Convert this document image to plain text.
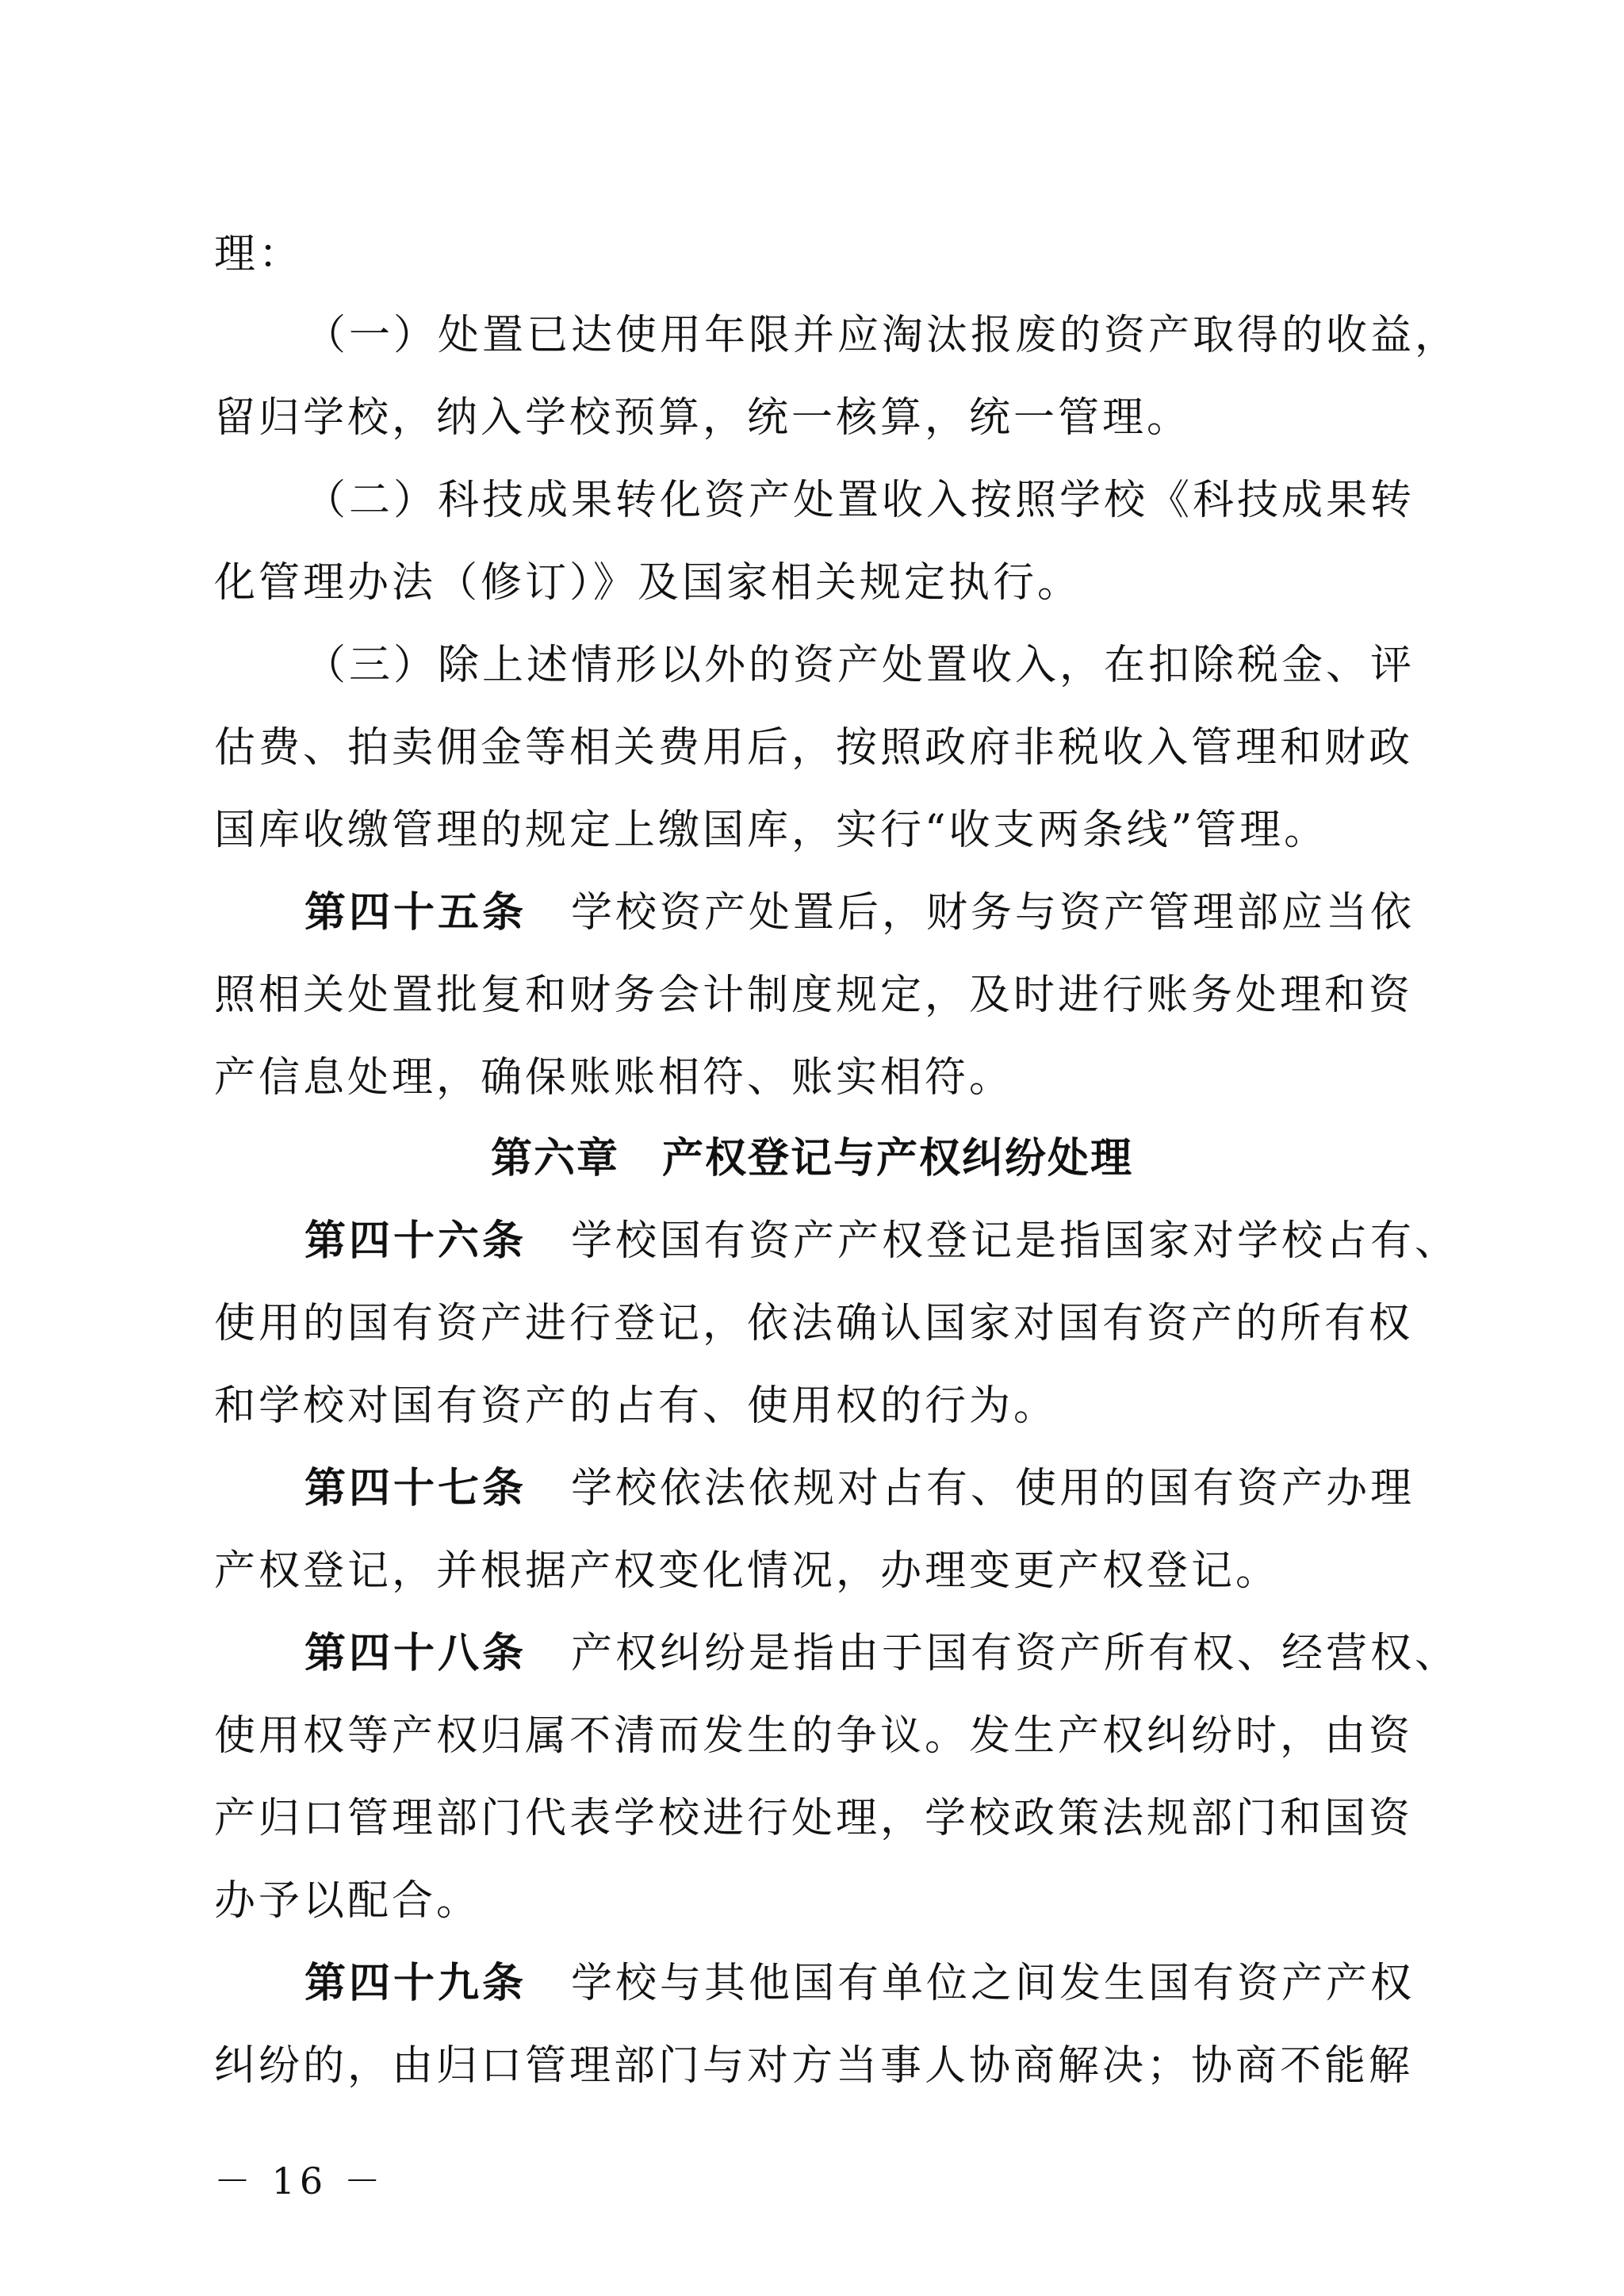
理：
（一）处置已达使用年限并应淘汰报废的资产取得的收益，
留归学校，纳入学校预算，统一核算，统一管理。
（二）科技成果转化资产处置收入按照学校《科技成果转
化管理办法（修订）》及国家相关规定执行。
（三）除上述情形以外的资产处置收入，在扣除税金、评
估费、拍卖佣金等相关费用后，按照政府非税收入管理和财政
国库收缴管理的规定上缴国库，实行“收支两条线”管理。
第四十五条 学校资产处置后，财务与资产管理部应当依
照相关处置批复和财务会计制度规定，及时进行账务处理和资
产信息处理，确保账账相符、账实相符。
第六章　产权登记与产权纠纷处理
第四十六条 学校国有资产产权登记是指国家对学校占有、
使用的国有资产进行登记，依法确认国家对国有资产的所有权
和学校对国有资产的占有、使用权的行为。
第四十七条 学校依法依规对占有、使用的国有资产办理
产权登记，并根据产权变化情况，办理变更产权登记。
第四十八条 产权纠纷是指由于国有资产所有权、经营权、
使用权等产权归属不清而发生的争议。发生产权纠纷时，由资
产归口管理部门代表学校进行处理，学校政策法规部门和国资
办予以配合。
第四十九条 学校与其他国有单位之间发生国有资产产权
纠纷的，由归口管理部门与对方当事人协商解决；协商不能解
－ 16 －
